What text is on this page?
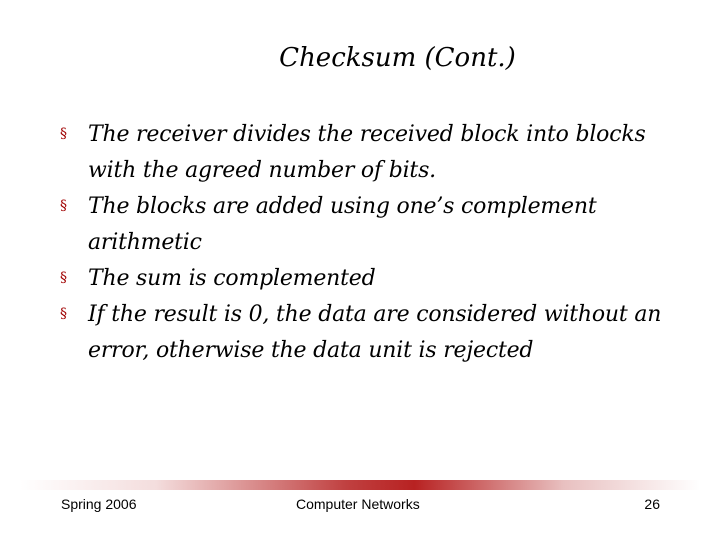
Checksum (Cont.)
§ The receiver divides the received block into blocks
with the agreed number of bits.
§ The blocks are added using one’s complement
arithmetic
§ The sum is complemented
§ If the result is 0, the data are considered without an
error, otherwise the data unit is rejected
Spring 2006	Computer Networks	26
